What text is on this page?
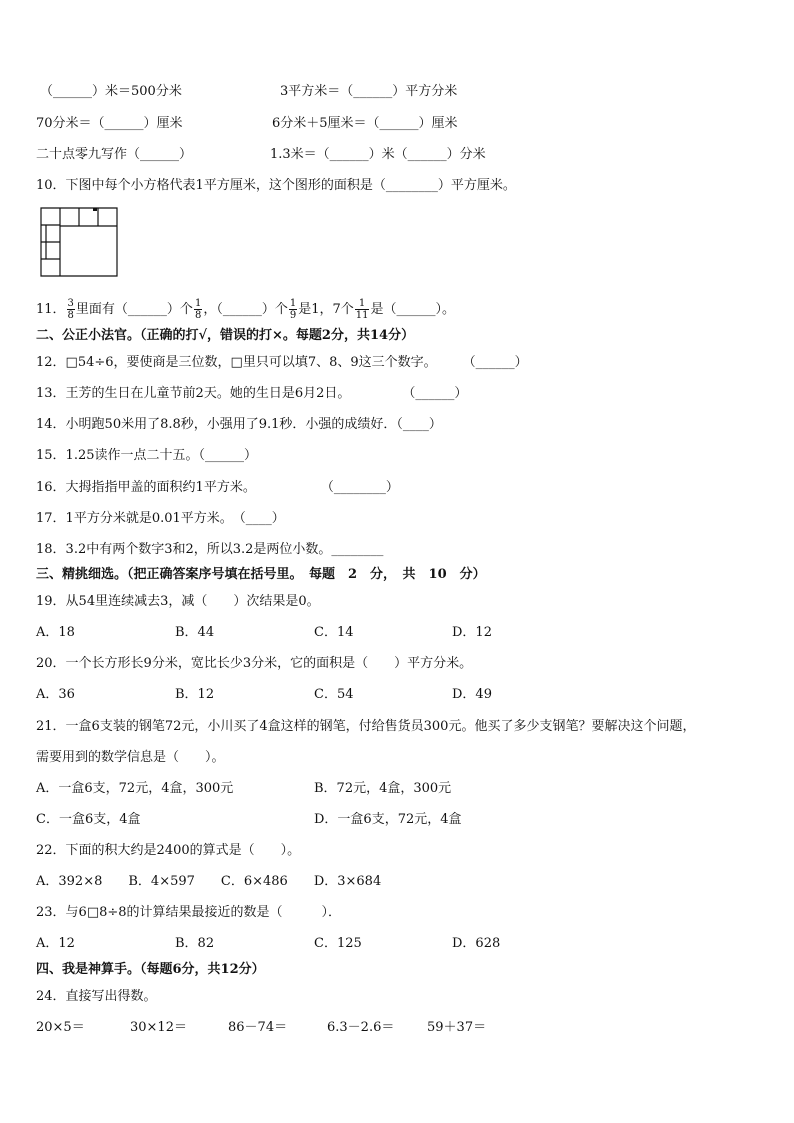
（______）米＝500分米	3平方米＝（______）平方分米
70分米＝（______）厘米	6分米＋5厘米＝（______）厘米
二十点零九写作（______）	1.3米＝（______）米（______）分米
10．下图中每个小方格代表1平方厘米，这个图形的面积是（________）平方厘米。
11． $\frac{3}{8}$ 里面有（______）个 $\frac{1}{8}$ ，（______）个 $\frac{1}{9}$ 是1，7个 $\frac{1}{11}$ 是（______）。
二、公正小法官。（正确的打√，错误的打×。每题2分，共14分）
12．□54÷6，要使商是三位数，□里只可以填7、8、9这三个数字。　　　（______）
13．王芳的生日在儿童节前2天。她的生日是6月2日。　　　　　（______）
14．小明跑50米用了8.8秒，小强用了9.1秒．小强的成绩好．（____）
15．1.25读作一点二十五。（______）
16．大拇指指甲盖的面积约1平方米。　　　　　　（________）
17．1平方分米就是0.01平方米。　（____）
18．3.2中有两个数字3和2，所以3.2是两位小数。________
三、精挑细选。（把正确答案序号填在括号里。　每题　2　分，　共　10　分）
19．从54里连续减去3，减（　　）次结果是0。
A．18	B．44	C．14	D．12
20．一个长方形长9分米，宽比长少3分米，它的面积是（　　）平方分米。
A．36	B．12	C．54	D．49
21．一盒6支装的钢笔72元，小川买了4盒这样的钢笔，付给售货员300元。他买了多少支钢笔？要解决这个问题，
需要用到的数学信息是（　　）。
A．一盒6支，72元，4盒，300元	B．72元，4盒，300元
C．一盒6支，4盒	D．一盒6支，72元，4盒
22．下面的积大约是2400的算式是（　　）。
A．392×8　　B．4×597　　C．6×486　　D．3×684
23．与6□8÷8的计算结果最接近的数是（　　　）．
A．12	B．82	C．125	D．628
四、我是神算手。（每题6分，共12分）
24．直接写出得数。
20×5＝	30×12＝	86－74＝	6.3－2.6＝	59＋37＝
